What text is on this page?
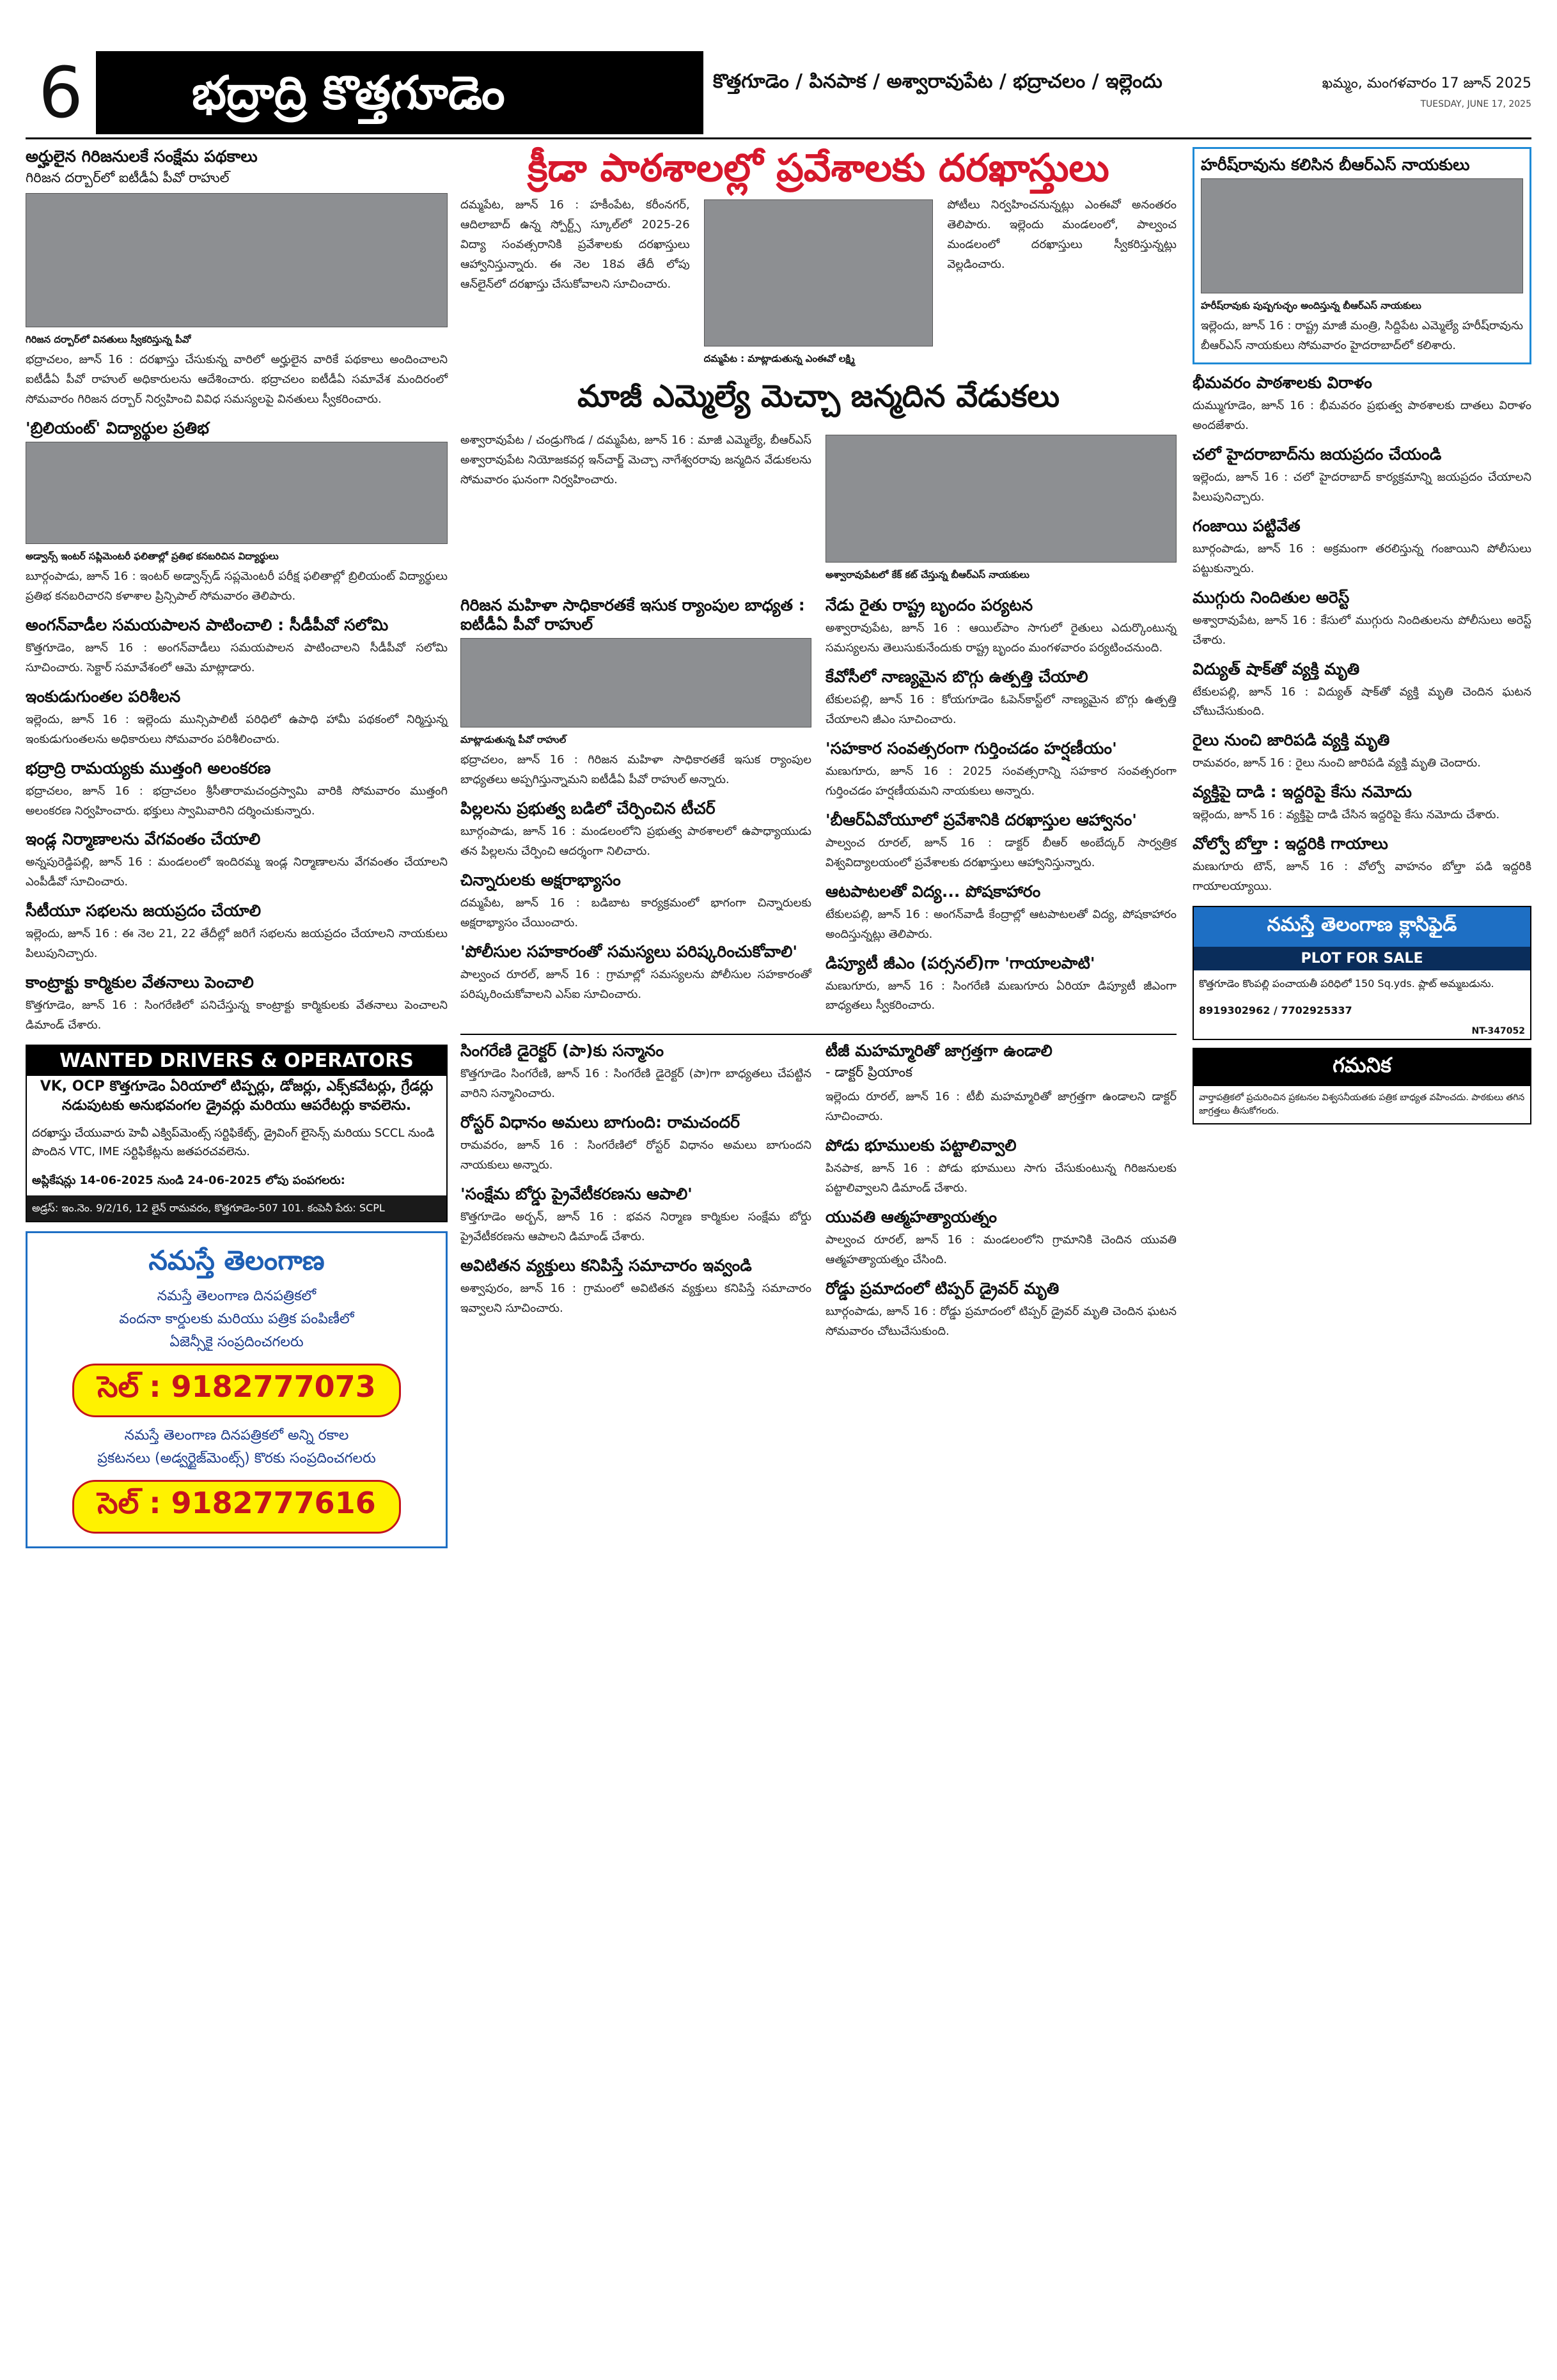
6	భద్రాద్రి కొత్తగూడెం	కొత్తగూడెం / పినపాక / అశ్వారావుపేట / భద్రాచలం / ఇల్లెందు	ఖమ్మం, మంగళవారం 17 జూన్ 2025
TUESDAY, JUNE 17, 2025
అర్హులైన గిరిజనులకే సంక్షేమ పథకాలు
గిరిజన దర్బార్‌లో ఐటీడీఏ పీవో రాహుల్
గిరిజన దర్బార్‌లో వినతులు స్వీకరిస్తున్న పీవో
భద్రాచలం, జూన్ 16 : దరఖాస్తు చేసుకున్న వారిలో అర్హులైన వారికే పథకాలు అందించాలని ఐటీడీఏ పీవో రాహుల్ అధికారులను ఆదేశించారు. భద్రాచలం ఐటీడీఏ సమావేశ మందిరంలో సోమవారం గిరిజన దర్బార్ నిర్వహించి వివిధ సమస్యలపై వినతులు స్వీకరించారు.
'బ్రిలియంట్' విద్యార్థుల ప్రతిభ
అడ్వాన్స్ ఇంటర్ సప్లిమెంటరీ ఫలితాల్లో ప్రతిభ కనబరిచిన విద్యార్థులు
బూర్గంపాడు, జూన్ 16 : ఇంటర్ అడ్వాన్స్‌డ్ సప్లమెంటరీ పరీక్ష ఫలితాల్లో బ్రిలియంట్ విద్యార్థులు ప్రతిభ కనబరిచారని కళాశాల ప్రిన్సిపాల్ సోమవారం తెలిపారు.
అంగన్‌వాడీల సమయపాలన పాటించాలి : సీడీపీవో సలోమి
కొత్తగూడెం, జూన్ 16 : అంగన్‌వాడీలు సమయపాలన పాటించాలని సీడీపీవో సలోమి సూచించారు. సెక్టార్ సమావేశంలో ఆమె మాట్లాడారు.
ఇంకుడుగుంతల పరిశీలన
ఇల్లెందు, జూన్ 16 : ఇల్లెందు మున్సిపాలిటీ పరిధిలో ఉపాధి హామీ పథకంలో నిర్మిస్తున్న ఇంకుడుగుంతలను అధికారులు సోమవారం పరిశీలించారు.
భద్రాద్రి రామయ్యకు ముత్తంగి అలంకరణ
భద్రాచలం, జూన్ 16 : భద్రాచలం శ్రీసీతారామచంద్రస్వామి వారికి సోమవారం ముత్తంగి అలంకరణ నిర్వహించారు. భక్తులు స్వామివారిని దర్శించుకున్నారు.
ఇండ్ల నిర్మాణాలను వేగవంతం చేయాలి
అన్నపురెడ్డిపల్లి, జూన్ 16 : మండలంలో ఇందిరమ్మ ఇండ్ల నిర్మాణాలను వేగవంతం చేయాలని ఎంపీడీవో సూచించారు.
సీటీయూ సభలను జయప్రదం చేయాలి
ఇల్లెందు, జూన్ 16 : ఈ నెల 21, 22 తేదీల్లో జరిగే సభలను జయప్రదం చేయాలని నాయకులు పిలుపునిచ్చారు.
కాంట్రాక్టు కార్మికుల వేతనాలు పెంచాలి
కొత్తగూడెం, జూన్ 16 : సింగరేణిలో పనిచేస్తున్న కాంట్రాక్టు కార్మికులకు వేతనాలు పెంచాలని డిమాండ్ చేశారు.
WANTED DRIVERS & OPERATORS
VK, OCP కొత్తగూడెం ఏరియాలో టిప్పర్లు, డోజర్లు, ఎక్స్‌కవేటర్లు, గ్రేడర్లు నడుపుటకు అనుభవంగల డ్రైవర్లు మరియు ఆపరేటర్లు కావలెను.
దరఖాస్తు చేయువారు హెవీ ఎక్విప్‌మెంట్స్ సర్టిఫికేట్స్, డ్రైవింగ్ లైసెన్స్ మరియు SCCL నుండి పొందిన VTC, IME సర్టిఫికేట్లను జతపరచవలెను.
అప్లికేషన్లు 14-06-2025 నుండి 24-06-2025 లోపు పంపగలరు:
అడ్రస్: ఇం.నెం. 9/2/16, 12 లైన్ రామవరం, కొత్తగూడెం-507 101. కంపెనీ పేరు: SCPL
నమస్తే తెలంగాణ
నమస్తే తెలంగాణ దినపత్రికలో
వందనా కార్డులకు మరియు పత్రిక పంపిణీలో
ఏజెన్సీకై సంప్రదించగలరు
సెల్ : 9182777073
నమస్తే తెలంగాణ దినపత్రికలో అన్ని రకాల
ప్రకటనలు (అడ్వర్టైజ్‌మెంట్స్) కొరకు సంప్రదించగలరు
సెల్ : 9182777616
క్రీడా పాఠశాలల్లో ప్రవేశాలకు దరఖాస్తులు
దమ్మపేట, జూన్ 16 : హకీంపేట, కరీంనగర్, ఆదిలాబాద్ ఉన్న స్పోర్ట్స్ స్కూల్‌లో 2025-26 విద్యా సంవత్సరానికి ప్రవేశాలకు దరఖాస్తులు ఆహ్వానిస్తున్నారు. ఈ నెల 18వ తేదీ లోపు ఆన్‌లైన్‌లో దరఖాస్తు చేసుకోవాలని సూచించారు.
దమ్మపేట : మాట్లాడుతున్న ఎంఈవో లక్ష్మి
పోటీలు నిర్వహించనున్నట్లు ఎంఈవో అనంతరం తెలిపారు. ఇల్లెందు మండలంలో, పాల్వంచ మండలంలో దరఖాస్తులు స్వీకరిస్తున్నట్లు వెల్లడించారు.
మాజీ ఎమ్మెల్యే మెచ్చా జన్మదిన వేడుకలు
అశ్వారావుపేట / చండ్రుగొండ / దమ్మపేట, జూన్ 16 : మాజీ ఎమ్మెల్యే, బీఆర్ఎస్ అశ్వారావుపేట నియోజకవర్గ ఇన్‌చార్జ్ మెచ్చా నాగేశ్వరరావు జన్మదిన వేడుకలను సోమవారం ఘనంగా నిర్వహించారు.
అశ్వారావుపేటలో కేక్ కట్ చేస్తున్న బీఆర్ఎస్ నాయకులు
గిరిజన మహిళా సాధికారతకే ఇసుక ర్యాంపుల బాధ్యత : ఐటీడీఏ పీవో రాహుల్
మాట్లాడుతున్న పీవో రాహుల్
భద్రాచలం, జూన్ 16 : గిరిజన మహిళా సాధికారతకే ఇసుక ర్యాంపుల బాధ్యతలు అప్పగిస్తున్నామని ఐటీడీఏ పీవో రాహుల్ అన్నారు.
పిల్లలను ప్రభుత్వ బడిలో చేర్పించిన టీచర్
బూర్గంపాడు, జూన్ 16 : మండలంలోని ప్రభుత్వ పాఠశాలలో ఉపాధ్యాయుడు తన పిల్లలను చేర్పించి ఆదర్శంగా నిలిచారు.
చిన్నారులకు అక్షరాభ్యాసం
దమ్మపేట, జూన్ 16 : బడిబాట కార్యక్రమంలో భాగంగా చిన్నారులకు అక్షరాభ్యాసం చేయించారు.
'పోలీసుల సహకారంతో సమస్యలు పరిష్కరించుకోవాలి'
పాల్వంచ రూరల్, జూన్ 16 : గ్రామాల్లో సమస్యలను పోలీసుల సహకారంతో పరిష్కరించుకోవాలని ఎస్ఐ సూచించారు.
నేడు రైతు రాష్ట్ర బృందం పర్యటన
అశ్వారావుపేట, జూన్ 16 : ఆయిల్‌పాం సాగులో రైతులు ఎదుర్కొంటున్న సమస్యలను తెలుసుకునేందుకు రాష్ట్ర బృందం మంగళవారం పర్యటించనుంది.
కేవోసీలో నాణ్యమైన బొగ్గు ఉత్పత్తి చేయాలి
టేకులపల్లి, జూన్ 16 : కోయగూడెం ఓపెన్‌కాస్ట్‌లో నాణ్యమైన బొగ్గు ఉత్పత్తి చేయాలని జీఎం సూచించారు.
'సహకార సంవత్సరంగా గుర్తించడం హర్షణీయం'
మణుగూరు, జూన్ 16 : 2025 సంవత్సరాన్ని సహకార సంవత్సరంగా గుర్తించడం హర్షణీయమని నాయకులు అన్నారు.
'బీఆర్‌ఏవోయూలో ప్రవేశానికి దరఖాస్తుల ఆహ్వానం'
పాల్వంచ రూరల్, జూన్ 16 : డాక్టర్ బీఆర్ అంబేద్కర్ సార్వత్రిక విశ్వవిద్యాలయంలో ప్రవేశాలకు దరఖాస్తులు ఆహ్వానిస్తున్నారు.
ఆటపాటలతో విద్య... పోషకాహారం
టేకులపల్లి, జూన్ 16 : అంగన్‌వాడీ కేంద్రాల్లో ఆటపాటలతో విద్య, పోషకాహారం అందిస్తున్నట్లు తెలిపారు.
డిప్యూటీ జీఎం (పర్సనల్)గా 'గాయాలపాటి'
మణుగూరు, జూన్ 16 : సింగరేణి మణుగూరు ఏరియా డిప్యూటీ జీఎంగా బాధ్యతలు స్వీకరించారు.
సింగరేణి డైరెక్టర్ (పా)కు సన్మానం
కొత్తగూడెం సింగరేణి, జూన్ 16 : సింగరేణి డైరెక్టర్ (పా)గా బాధ్యతలు చేపట్టిన వారిని సన్మానించారు.
రోస్టర్ విధానం అమలు బాగుంది: రామచందర్
రామవరం, జూన్ 16 : సింగరేణిలో రోస్టర్ విధానం అమలు బాగుందని నాయకులు అన్నారు.
'సంక్షేమ బోర్డు ప్రైవేటీకరణను ఆపాలి'
కొత్తగూడెం అర్బన్, జూన్ 16 : భవన నిర్మాణ కార్మికుల సంక్షేమ బోర్డు ప్రైవేటీకరణను ఆపాలని డిమాండ్ చేశారు.
అవిటితన వ్యక్తులు కనిపిస్తే సమాచారం ఇవ్వండి
అశ్వాపురం, జూన్ 16 : గ్రామంలో అవిటితన వ్యక్తులు కనిపిస్తే సమాచారం ఇవ్వాలని సూచించారు.
టీజీ మహమ్మారితో జాగ్రత్తగా ఉండాలి
- డాక్టర్ ప్రియాంక
ఇల్లెందు రూరల్, జూన్ 16 : టీబీ మహమ్మారితో జాగ్రత్తగా ఉండాలని డాక్టర్ సూచించారు.
పోడు భూములకు పట్టాలివ్వాలి
పినపాక, జూన్ 16 : పోడు భూములు సాగు చేసుకుంటున్న గిరిజనులకు పట్టాలివ్వాలని డిమాండ్ చేశారు.
యువతి ఆత్మహత్యాయత్నం
పాల్వంచ రూరల్, జూన్ 16 : మండలంలోని గ్రామానికి చెందిన యువతి ఆత్మహత్యాయత్నం చేసింది.
రోడ్డు ప్రమాదంలో టిప్పర్ డ్రైవర్ మృతి
బూర్గంపాడు, జూన్ 16 : రోడ్డు ప్రమాదంలో టిప్పర్ డ్రైవర్ మృతి చెందిన ఘటన సోమవారం చోటుచేసుకుంది.
హరీష్‌రావును కలిసిన బీఆర్ఎస్ నాయకులు
హరీష్‌రావుకు పుష్పగుచ్ఛం అందిస్తున్న బీఆర్ఎస్ నాయకులు
ఇల్లెందు, జూన్ 16 : రాష్ట్ర మాజీ మంత్రి, సిద్దిపేట ఎమ్మెల్యే హరీష్‌రావును బీఆర్ఎస్ నాయకులు సోమవారం హైదరాబాద్‌లో కలిశారు.
భీమవరం పాఠశాలకు విరాళం
దుమ్ముగూడెం, జూన్ 16 : భీమవరం ప్రభుత్వ పాఠశాలకు దాతలు విరాళం అందజేశారు.
చలో హైదరాబాద్‌ను జయప్రదం చేయండి
ఇల్లెందు, జూన్ 16 : చలో హైదరాబాద్ కార్యక్రమాన్ని జయప్రదం చేయాలని పిలుపునిచ్చారు.
గంజాయి పట్టివేత
బూర్గంపాడు, జూన్ 16 : అక్రమంగా తరలిస్తున్న గంజాయిని పోలీసులు పట్టుకున్నారు.
ముగ్గురు నిందితుల అరెస్ట్
అశ్వారావుపేట, జూన్ 16 : కేసులో ముగ్గురు నిందితులను పోలీసులు అరెస్ట్ చేశారు.
విద్యుత్ షాక్‌తో వ్యక్తి మృతి
టేకులపల్లి, జూన్ 16 : విద్యుత్ షాక్‌తో వ్యక్తి మృతి చెందిన ఘటన చోటుచేసుకుంది.
రైలు నుంచి జారిపడి వ్యక్తి మృతి
రామవరం, జూన్ 16 : రైలు నుంచి జారిపడి వ్యక్తి మృతి చెందారు.
వ్యక్తిపై దాడి : ఇద్దరిపై కేసు నమోదు
ఇల్లెందు, జూన్ 16 : వ్యక్తిపై దాడి చేసిన ఇద్దరిపై కేసు నమోదు చేశారు.
వోల్వో బోల్తా : ఇద్దరికి గాయాలు
మణుగూరు టౌన్, జూన్ 16 : వోల్వో వాహనం బోల్తా పడి ఇద్దరికి గాయాలయ్యాయి.
నమస్తే తెలంగాణ క్లాసిఫైడ్
PLOT FOR SALE
కొత్తగూడెం కొంపల్లి పంచాయతీ పరిధిలో 150 Sq.yds. ప్లాట్ అమ్మబడును.
8919302962 / 7702925337
NT-347052
గమనిక
వార్తాపత్రికలో ప్రచురించిన ప్రకటనల విశ్వసనీయతకు పత్రిక బాధ్యత వహించదు. పాఠకులు తగిన జాగ్రత్తలు తీసుకోగలరు.
